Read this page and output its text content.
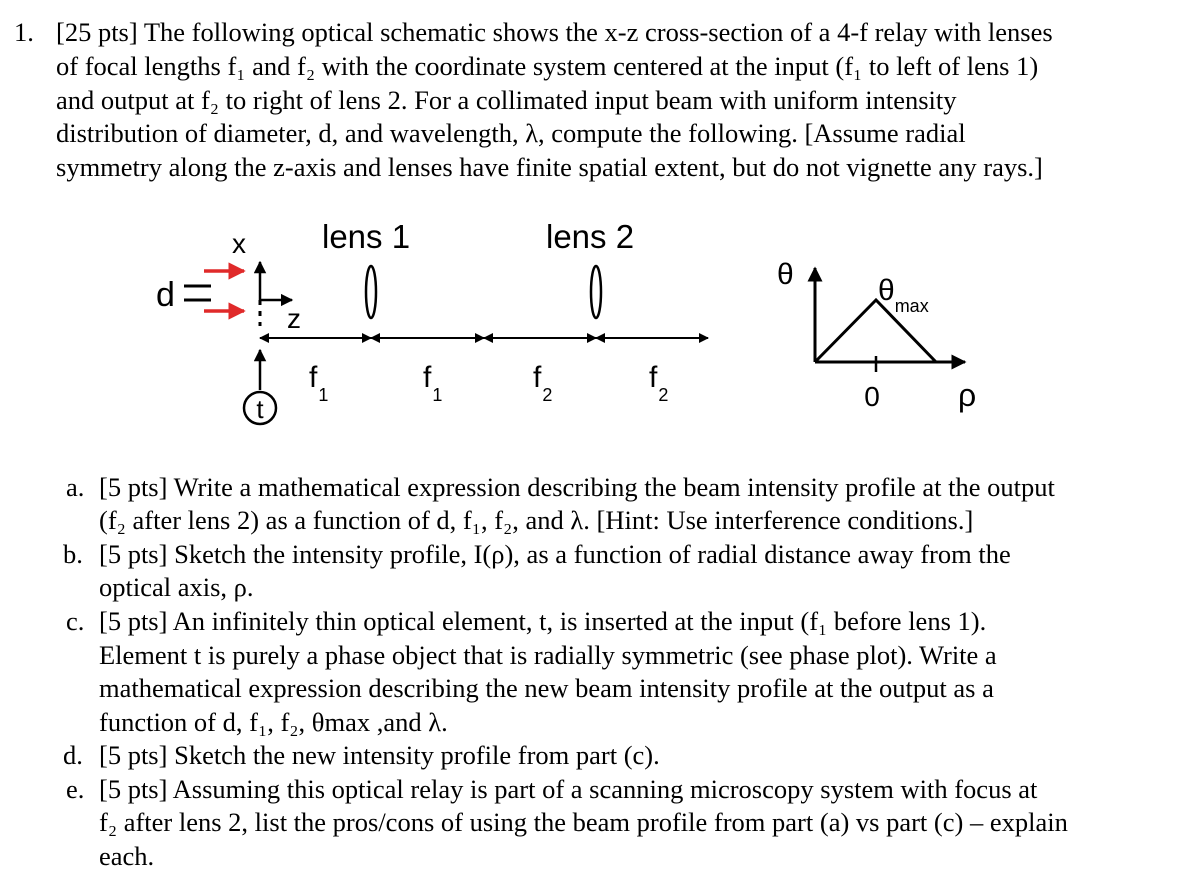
1. [25 pts] The following optical schematic shows the x-z cross-section of a 4-f relay with lenses
of focal lengths f₁ and f₂ with the coordinate system centered at the input (f₁ to left of lens 1)
and output at f₂ to right of lens 2. For a collimated input beam with uniform intensity
distribution of diameter, d, and wavelength, λ, compute the following. [Assume radial
symmetry along the z-axis and lenses have finite spatial extent, but do not vignette any rays.]
x
z
d
lens 1	lens 2
$f_1$
$f_1$
$f_2$
$f_2$
t
θ	$\theta_{max}$
0 ρ
a. [5 pts] Write a mathematical expression describing the beam intensity profile at the output
(f₂ after lens 2) as a function of d, f₁, f₂, and λ. [Hint: Use interference conditions.]
b. [5 pts] Sketch the intensity profile, I(ρ), as a function of radial distance away from the
optical axis, ρ.
c. [5 pts] An infinitely thin optical element, t, is inserted at the input (f₁ before lens 1).
Element t is purely a phase object that is radially symmetric (see phase plot). Write a
mathematical expression describing the new beam intensity profile at the output as a
function of d, f₁, f₂, θmax ,and λ.
d. [5 pts] Sketch the new intensity profile from part (c).
e. [5 pts] Assuming this optical relay is part of a scanning microscopy system with focus at
f₂ after lens 2, list the pros/cons of using the beam profile from part (a) vs part (c) – explain
each.
